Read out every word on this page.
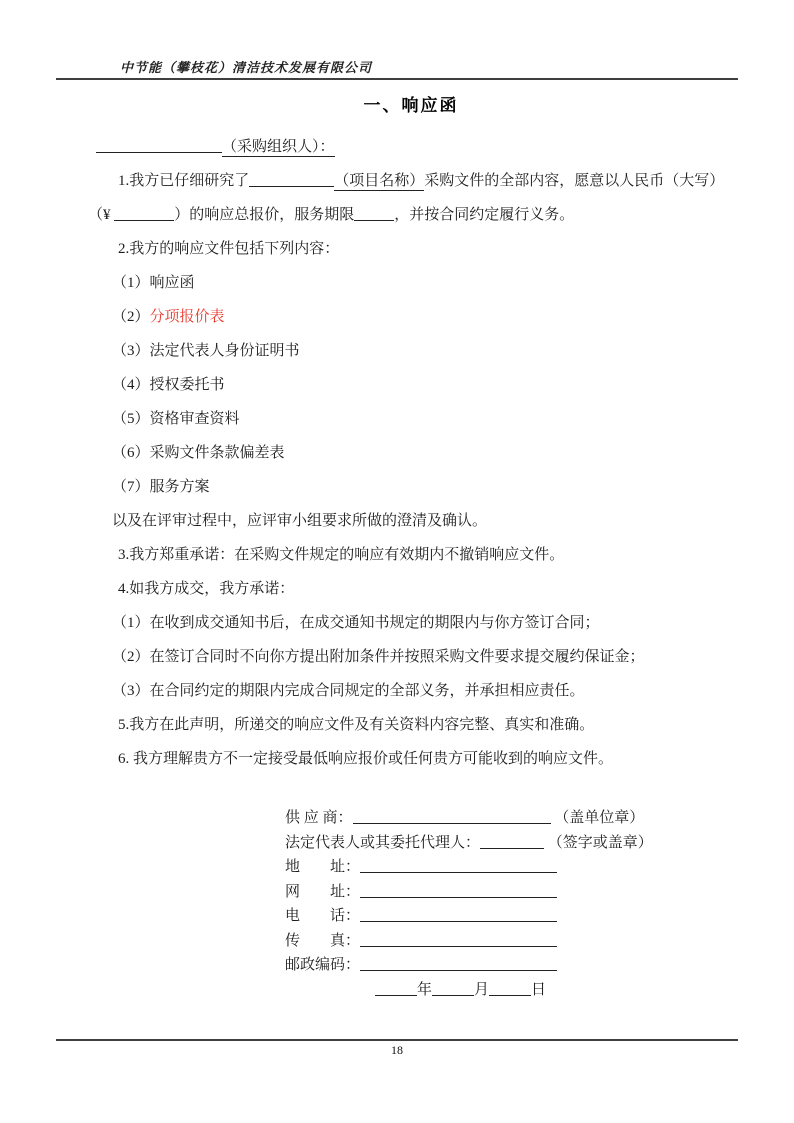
中节能（攀枝花）清洁技术发展有限公司
一、响应函
（采购组织人）：
1.我方已仔细研究了	（项目名称）采购文件的全部内容，愿意以人民币（大写）
（¥	）的响应总报价，服务期限	，并按合同约定履行义务。
2.我方的响应文件包括下列内容：
（1）响应函
（2）分项报价表
（3）法定代表人身份证明书
（4）授权委托书
（5）资格审查资料
（6）采购文件条款偏差表
（7）服务方案
以及在评审过程中，应评审小组要求所做的澄清及确认。
3.我方郑重承诺：在采购文件规定的响应有效期内不撤销响应文件。
4.如我方成交，我方承诺：
（1）在收到成交通知书后，在成交通知书规定的期限内与你方签订合同；
（2）在签订合同时不向你方提出附加条件并按照采购文件要求提交履约保证金；
（3）在合同约定的期限内完成合同规定的全部义务，并承担相应责任。
5.我方在此声明，所递交的响应文件及有关资料内容完整、真实和准确。
6. 我方理解贵方不一定接受最低响应报价或任何贵方可能收到的响应文件。
供 应 商：	（盖单位章）
法定代表人或其委托代理人：	（签字或盖章）
地　　址：
网　　址：
电　　话：
传　　真：
邮政编码：
年	月	日
18
